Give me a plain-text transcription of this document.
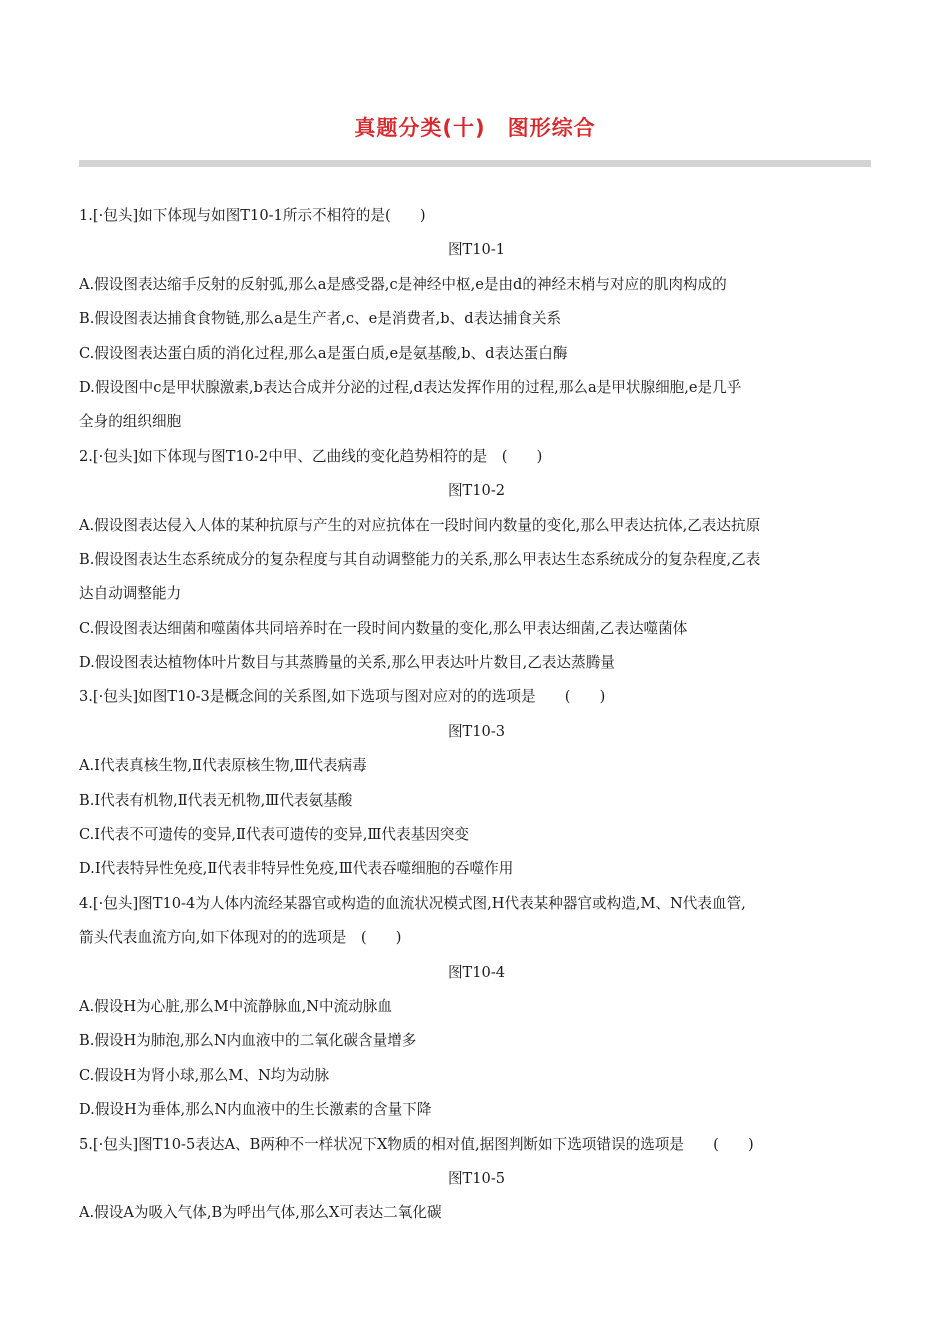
真题分类(十) 图形综合
1.[·包头]如下体现与如图T10-1所示不相符的是(　　)
图T10-1
A.假设图表达缩手反射的反射弧,那么a是感受器,c是神经中枢,e是由d的神经末梢与对应的肌肉构成的
B.假设图表达捕食食物链,那么a是生产者,c、e是消费者,b、d表达捕食关系
C.假设图表达蛋白质的消化过程,那么a是蛋白质,e是氨基酸,b、d表达蛋白酶
D.假设图中c是甲状腺激素,b表达合成并分泌的过程,d表达发挥作用的过程,那么a是甲状腺细胞,e是几乎
全身的组织细胞
2.[·包头]如下体现与图T10-2中甲、乙曲线的变化趋势相符的是　(　　)
图T10-2
A.假设图表达侵入人体的某种抗原与产生的对应抗体在一段时间内数量的变化,那么甲表达抗体,乙表达抗原
B.假设图表达生态系统成分的复杂程度与其自动调整能力的关系,那么甲表达生态系统成分的复杂程度,乙表
达自动调整能力
C.假设图表达细菌和噬菌体共同培养时在一段时间内数量的变化,那么甲表达细菌,乙表达噬菌体
D.假设图表达植物体叶片数目与其蒸腾量的关系,那么甲表达叶片数目,乙表达蒸腾量
3.[·包头]如图T10-3是概念间的关系图,如下选项与图对应对的的选项是　　(　　)
图T10-3
A.Ⅰ代表真核生物,Ⅱ代表原核生物,Ⅲ代表病毒
B.Ⅰ代表有机物,Ⅱ代表无机物,Ⅲ代表氨基酸
C.Ⅰ代表不可遗传的变异,Ⅱ代表可遗传的变异,Ⅲ代表基因突变
D.Ⅰ代表特异性免疫,Ⅱ代表非特异性免疫,Ⅲ代表吞噬细胞的吞噬作用
4.[·包头]图T10-4为人体内流经某器官或构造的血流状况模式图,H代表某种器官或构造,M、N代表血管,
箭头代表血流方向,如下体现对的的选项是　(　　)
图T10-4
A.假设H为心脏,那么M中流静脉血,N中流动脉血
B.假设H为肺泡,那么N内血液中的二氧化碳含量增多
C.假设H为肾小球,那么M、N均为动脉
D.假设H为垂体,那么N内血液中的生长激素的含量下降
5.[·包头]图T10-5表达A、B两种不一样状况下X物质的相对值,据图判断如下选项错误的选项是　　(　　)
图T10-5
A.假设A为吸入气体,B为呼出气体,那么X可表达二氧化碳
